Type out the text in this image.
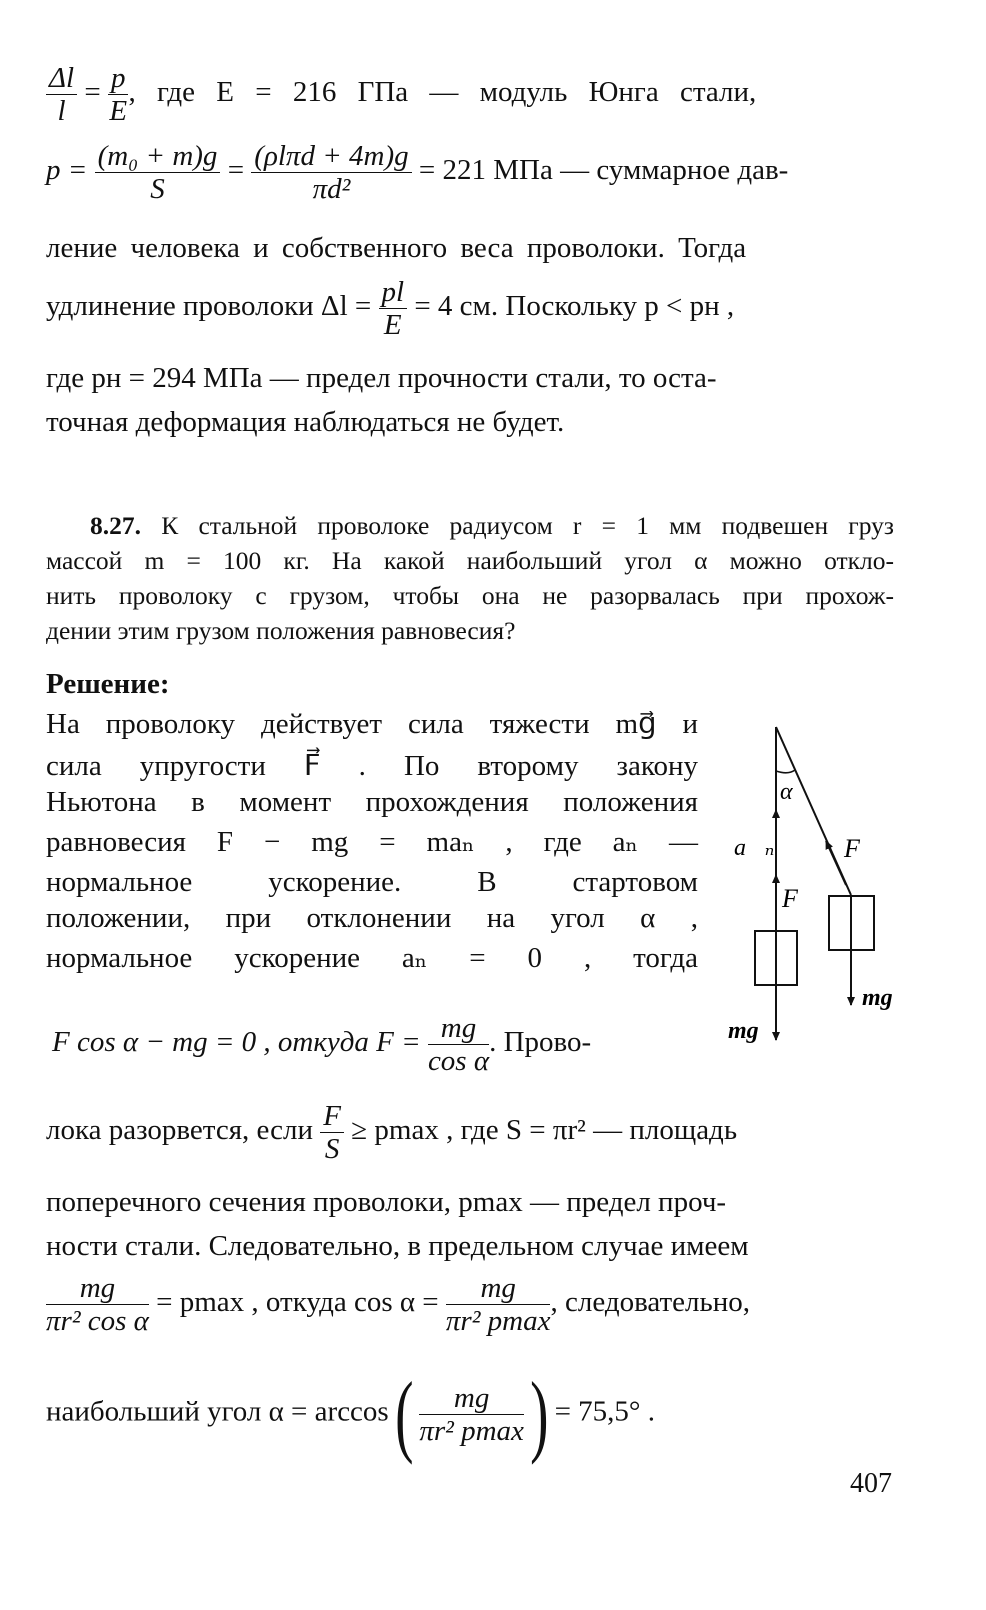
$\frac{\Delta l}{l} = \frac{p}{E}$ , где E = 216 ГПа — модуль Юнга стали,
$p = \frac{\text{(m₀ + m)g}}{S} = \frac{\text{(ρlπd + 4m)g}}{\text{πd²}} = 221$ МПа — суммарное дав-
ление человека и собственного веса проволоки. Тогда
удлинение проволоки $\Delta l = \frac{pl}{E} = 4$ см. Поскольку p < pн ,
где pн = 294 МПа — предел прочности стали, то оста-
точная деформация наблюдаться не будет.
8.27. К стальной проволоке радиусом r = 1 мм подвешен груз
массой m = 100 кг. На какой наибольший угол α можно откло-
нить проволоку с грузом, чтобы она не разорвалась при прохож-
дении этим грузом положения равновесия?
Решение:
На проволоку действует сила тяжести mg⃗ и
сила упругости F⃗ . По второму закону
Ньютона в момент прохождения положения
равновесия F − mg = maₙ , где aₙ —
нормальное ускорение. В стартовом
положении, при отклонении на угол α ,
нормальное ускорение aₙ = 0 , тогда
F cos α − mg = 0 , откуда $F = \frac{mg}{\text{cos α}}$ . Прово-
лока разорвется, если $\frac{F}{S} \ge pmax$ , где S = πr² — площадь
поперечного сечения проволоки, pmax — предел проч-
ности стали. Следовательно, в предельном случае имеем
$\frac{mg}{\text{πr² cos α}} = pmax$ , откуда $\cos \alpha = \frac{mg}{\text{πr² pmax}}$ , следовательно,
наибольший угол $\alpha = \arccos( \frac{mg}{\text{πr² pmax}}$ ) = 75,5° .
407
α
a⃗ₙ
F⃗
F⃗
mg⃗
mg⃗
